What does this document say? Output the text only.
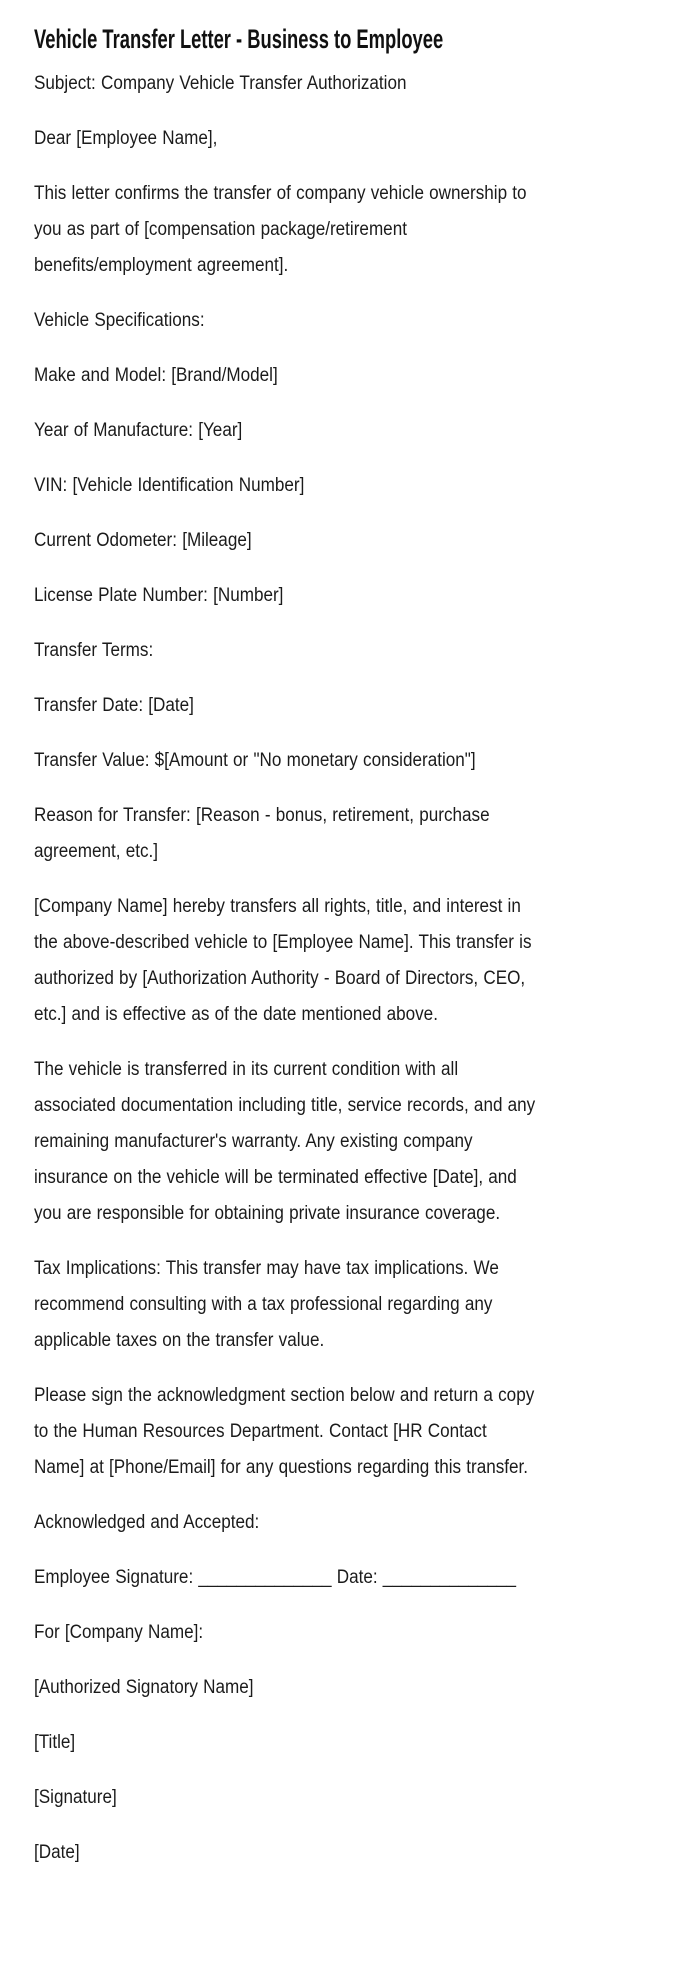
Vehicle Transfer Letter - Business to Employee

Subject: Company Vehicle Transfer Authorization

Dear [Employee Name],

This letter confirms the transfer of company vehicle ownership to you as part of [compensation package/retirement benefits/employment agreement].

Vehicle Specifications:

Make and Model: [Brand/Model]

Year of Manufacture: [Year]

VIN: [Vehicle Identification Number]

Current Odometer: [Mileage]

License Plate Number: [Number]

Transfer Terms:

Transfer Date: [Date]

Transfer Value: $[Amount or "No monetary consideration"]

Reason for Transfer: [Reason - bonus, retirement, purchase agreement, etc.]

[Company Name] hereby transfers all rights, title, and interest in the above-described vehicle to [Employee Name]. This transfer is authorized by [Authorization Authority - Board of Directors, CEO, etc.] and is effective as of the date mentioned above.

The vehicle is transferred in its current condition with all associated documentation including title, service records, and any remaining manufacturer's warranty. Any existing company insurance on the vehicle will be terminated effective [Date], and you are responsible for obtaining private insurance coverage.

Tax Implications: This transfer may have tax implications. We recommend consulting with a tax professional regarding any applicable taxes on the transfer value.

Please sign the acknowledgment section below and return a copy to the Human Resources Department. Contact [HR Contact Name] at [Phone/Email] for any questions regarding this transfer.

Acknowledged and Accepted:

Employee Signature: ______________ Date: ______________

For [Company Name]:

[Authorized Signatory Name]

[Title]

[Signature]

[Date]
